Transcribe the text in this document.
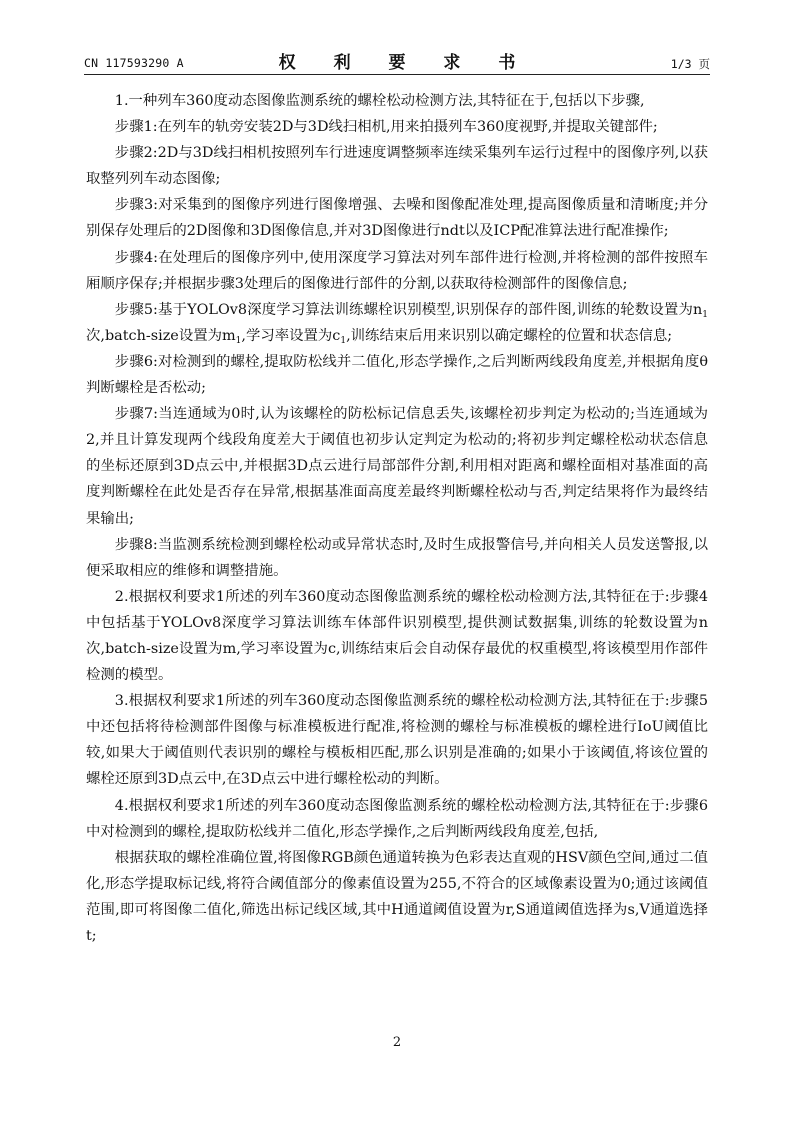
CN 117593290 A	权 利 要 求 书	1/3 页

1.一种列车360度动态图像监测系统的螺栓松动检测方法,其特征在于,包括以下步骤,

步骤1:在列车的轨旁安装2D与3D线扫相机,用来拍摄列车360度视野,并提取关键部件;

步骤2:2D与3D线扫相机按照列车行进速度调整频率连续采集列车运行过程中的图像序列,以获取整列列车动态图像;

步骤3:对采集到的图像序列进行图像增强、去噪和图像配准处理,提高图像质量和清晰度;并分别保存处理后的2D图像和3D图像信息,并对3D图像进行ndt以及ICP配准算法进行配准操作;

步骤4:在处理后的图像序列中,使用深度学习算法对列车部件进行检测,并将检测的部件按照车厢顺序保存;并根据步骤3处理后的图像进行部件的分割,以获取待检测部件的图像信息;

步骤5:基于YOLOv8深度学习算法训练螺栓识别模型,识别保存的部件图,训练的轮数设置为$n_1$次,batch-size设置为$m_1$,学习率设置为$c_1$,训练结束后用来识别以确定螺栓的位置和状态信息;

步骤6:对检测到的螺栓,提取防松线并二值化,形态学操作,之后判断两线段角度差,并根据角度θ判断螺栓是否松动;

步骤7:当连通域为0时,认为该螺栓的防松标记信息丢失,该螺栓初步判定为松动的;当连通域为2,并且计算发现两个线段角度差大于阈值也初步认定判定为松动的;将初步判定螺栓松动状态信息的坐标还原到3D点云中,并根据3D点云进行局部部件分割,利用相对距离和螺栓面相对基准面的高度判断螺栓在此处是否存在异常,根据基准面高度差最终判断螺栓松动与否,判定结果将作为最终结果输出;

步骤8:当监测系统检测到螺栓松动或异常状态时,及时生成报警信号,并向相关人员发送警报,以便采取相应的维修和调整措施。

2.根据权利要求1所述的列车360度动态图像监测系统的螺栓松动检测方法,其特征在于:步骤4中包括基于YOLOv8深度学习算法训练车体部件识别模型,提供测试数据集,训练的轮数设置为n次,batch-size设置为m,学习率设置为c,训练结束后会自动保存最优的权重模型,将该模型用作部件检测的模型。

3.根据权利要求1所述的列车360度动态图像监测系统的螺栓松动检测方法,其特征在于:步骤5中还包括将待检测部件图像与标准模板进行配准,将检测的螺栓与标准模板的螺栓进行IoU阈值比较,如果大于阈值则代表识别的螺栓与模板相匹配,那么识别是准确的;如果小于该阈值,将该位置的螺栓还原到3D点云中,在3D点云中进行螺栓松动的判断。

4.根据权利要求1所述的列车360度动态图像监测系统的螺栓松动检测方法,其特征在于:步骤6中对检测到的螺栓,提取防松线并二值化,形态学操作,之后判断两线段角度差,包括,

根据获取的螺栓准确位置,将图像RGB颜色通道转换为色彩表达直观的HSV颜色空间,通过二值化,形态学提取标记线,将符合阈值部分的像素值设置为255,不符合的区域像素设置为0;通过该阈值范围,即可将图像二值化,筛选出标记线区域,其中H通道阈值设置为r,S通道阈值选择为s,V通道选择t;

2
